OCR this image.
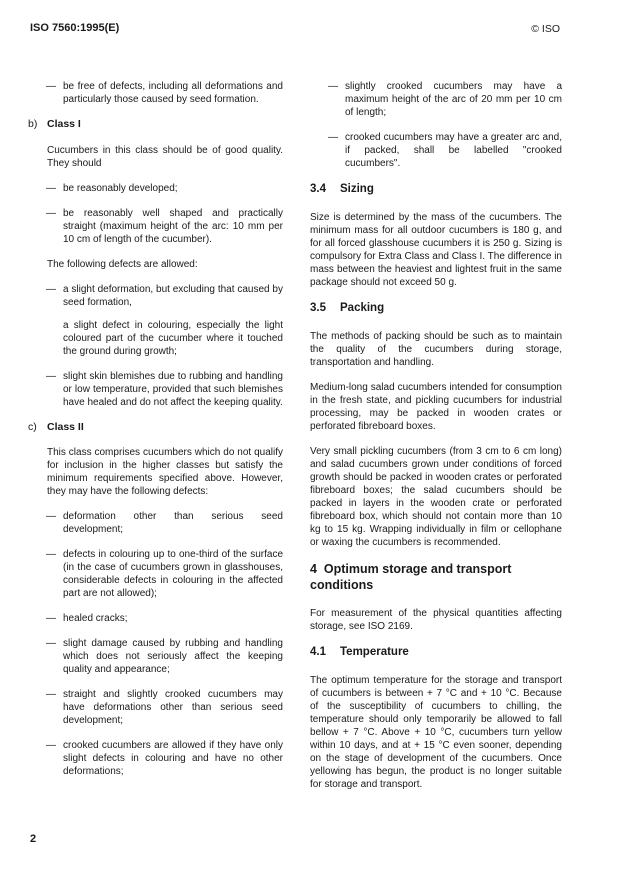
ISO 7560:1995(E)	© ISO

— be free of defects, including all deformations and particularly those caused by seed formation.

b) Class I

Cucumbers in this class should be of good quality. They should

— be reasonably developed;

— be reasonably well shaped and practically straight (maximum height of the arc: 10 mm per 10 cm of length of the cucumber).

The following defects are allowed:

— a slight deformation, but excluding that caused by seed formation,

a slight defect in colouring, especially the light coloured part of the cucumber where it touched the ground during growth;

— slight skin blemishes due to rubbing and handling or low temperature, provided that such blemishes have healed and do not affect the keeping quality.

c) Class II

This class comprises cucumbers which do not qualify for inclusion in the higher classes but satisfy the minimum requirements specified above. However, they may have the following defects:

— deformation other than serious seed development;

— defects in colouring up to one-third of the surface (in the case of cucumbers grown in glasshouses, considerable defects in colouring in the affected part are not allowed);

— healed cracks;

— slight damage caused by rubbing and handling which does not seriously affect the keeping quality and appearance;

— straight and slightly crooked cucumbers may have deformations other than serious seed development;

— crooked cucumbers are allowed if they have only slight defects in colouring and have no other deformations;

— slightly crooked cucumbers may have a maximum height of the arc of 20 mm per 10 cm of length;

— crooked cucumbers may have a greater arc and, if packed, shall be labelled "crooked cucumbers".

3.4 Sizing

Size is determined by the mass of the cucumbers. The minimum mass for all outdoor cucumbers is 180 g, and for all forced glasshouse cucumbers it is 250 g. Sizing is compulsory for Extra Class and Class I. The difference in mass between the heaviest and lightest fruit in the same package should not exceed 50 g.

3.5 Packing

The methods of packing should be such as to maintain the quality of the cucumbers during storage, transportation and handling.

Medium-long salad cucumbers intended for consumption in the fresh state, and pickling cucumbers for industrial processing, may be packed in wooden crates or perforated fibreboard boxes.

Very small pickling cucumbers (from 3 cm to 6 cm long) and salad cucumbers grown under conditions of forced growth should be packed in wooden crates or perforated fibreboard boxes; the salad cucumbers should be packed in layers in the wooden crate or perforated fibreboard box, which should not contain more than 10 kg to 15 kg. Wrapping individually in film or cellophane or waxing the cucumbers is recommended.

4 Optimum storage and transport conditions

For measurement of the physical quantities affecting storage, see ISO 2169.

4.1 Temperature

The optimum temperature for the storage and transport of cucumbers is between + 7 °C and + 10 °C. Because of the susceptibility of cucumbers to chilling, the temperature should only temporarily be allowed to fall bellow + 7 °C. Above + 10 °C, cucumbers turn yellow within 10 days, and at + 15 °C even sooner, depending on the stage of development of the cucumbers. Once yellowing has begun, the product is no longer suitable for storage and transport.

2
